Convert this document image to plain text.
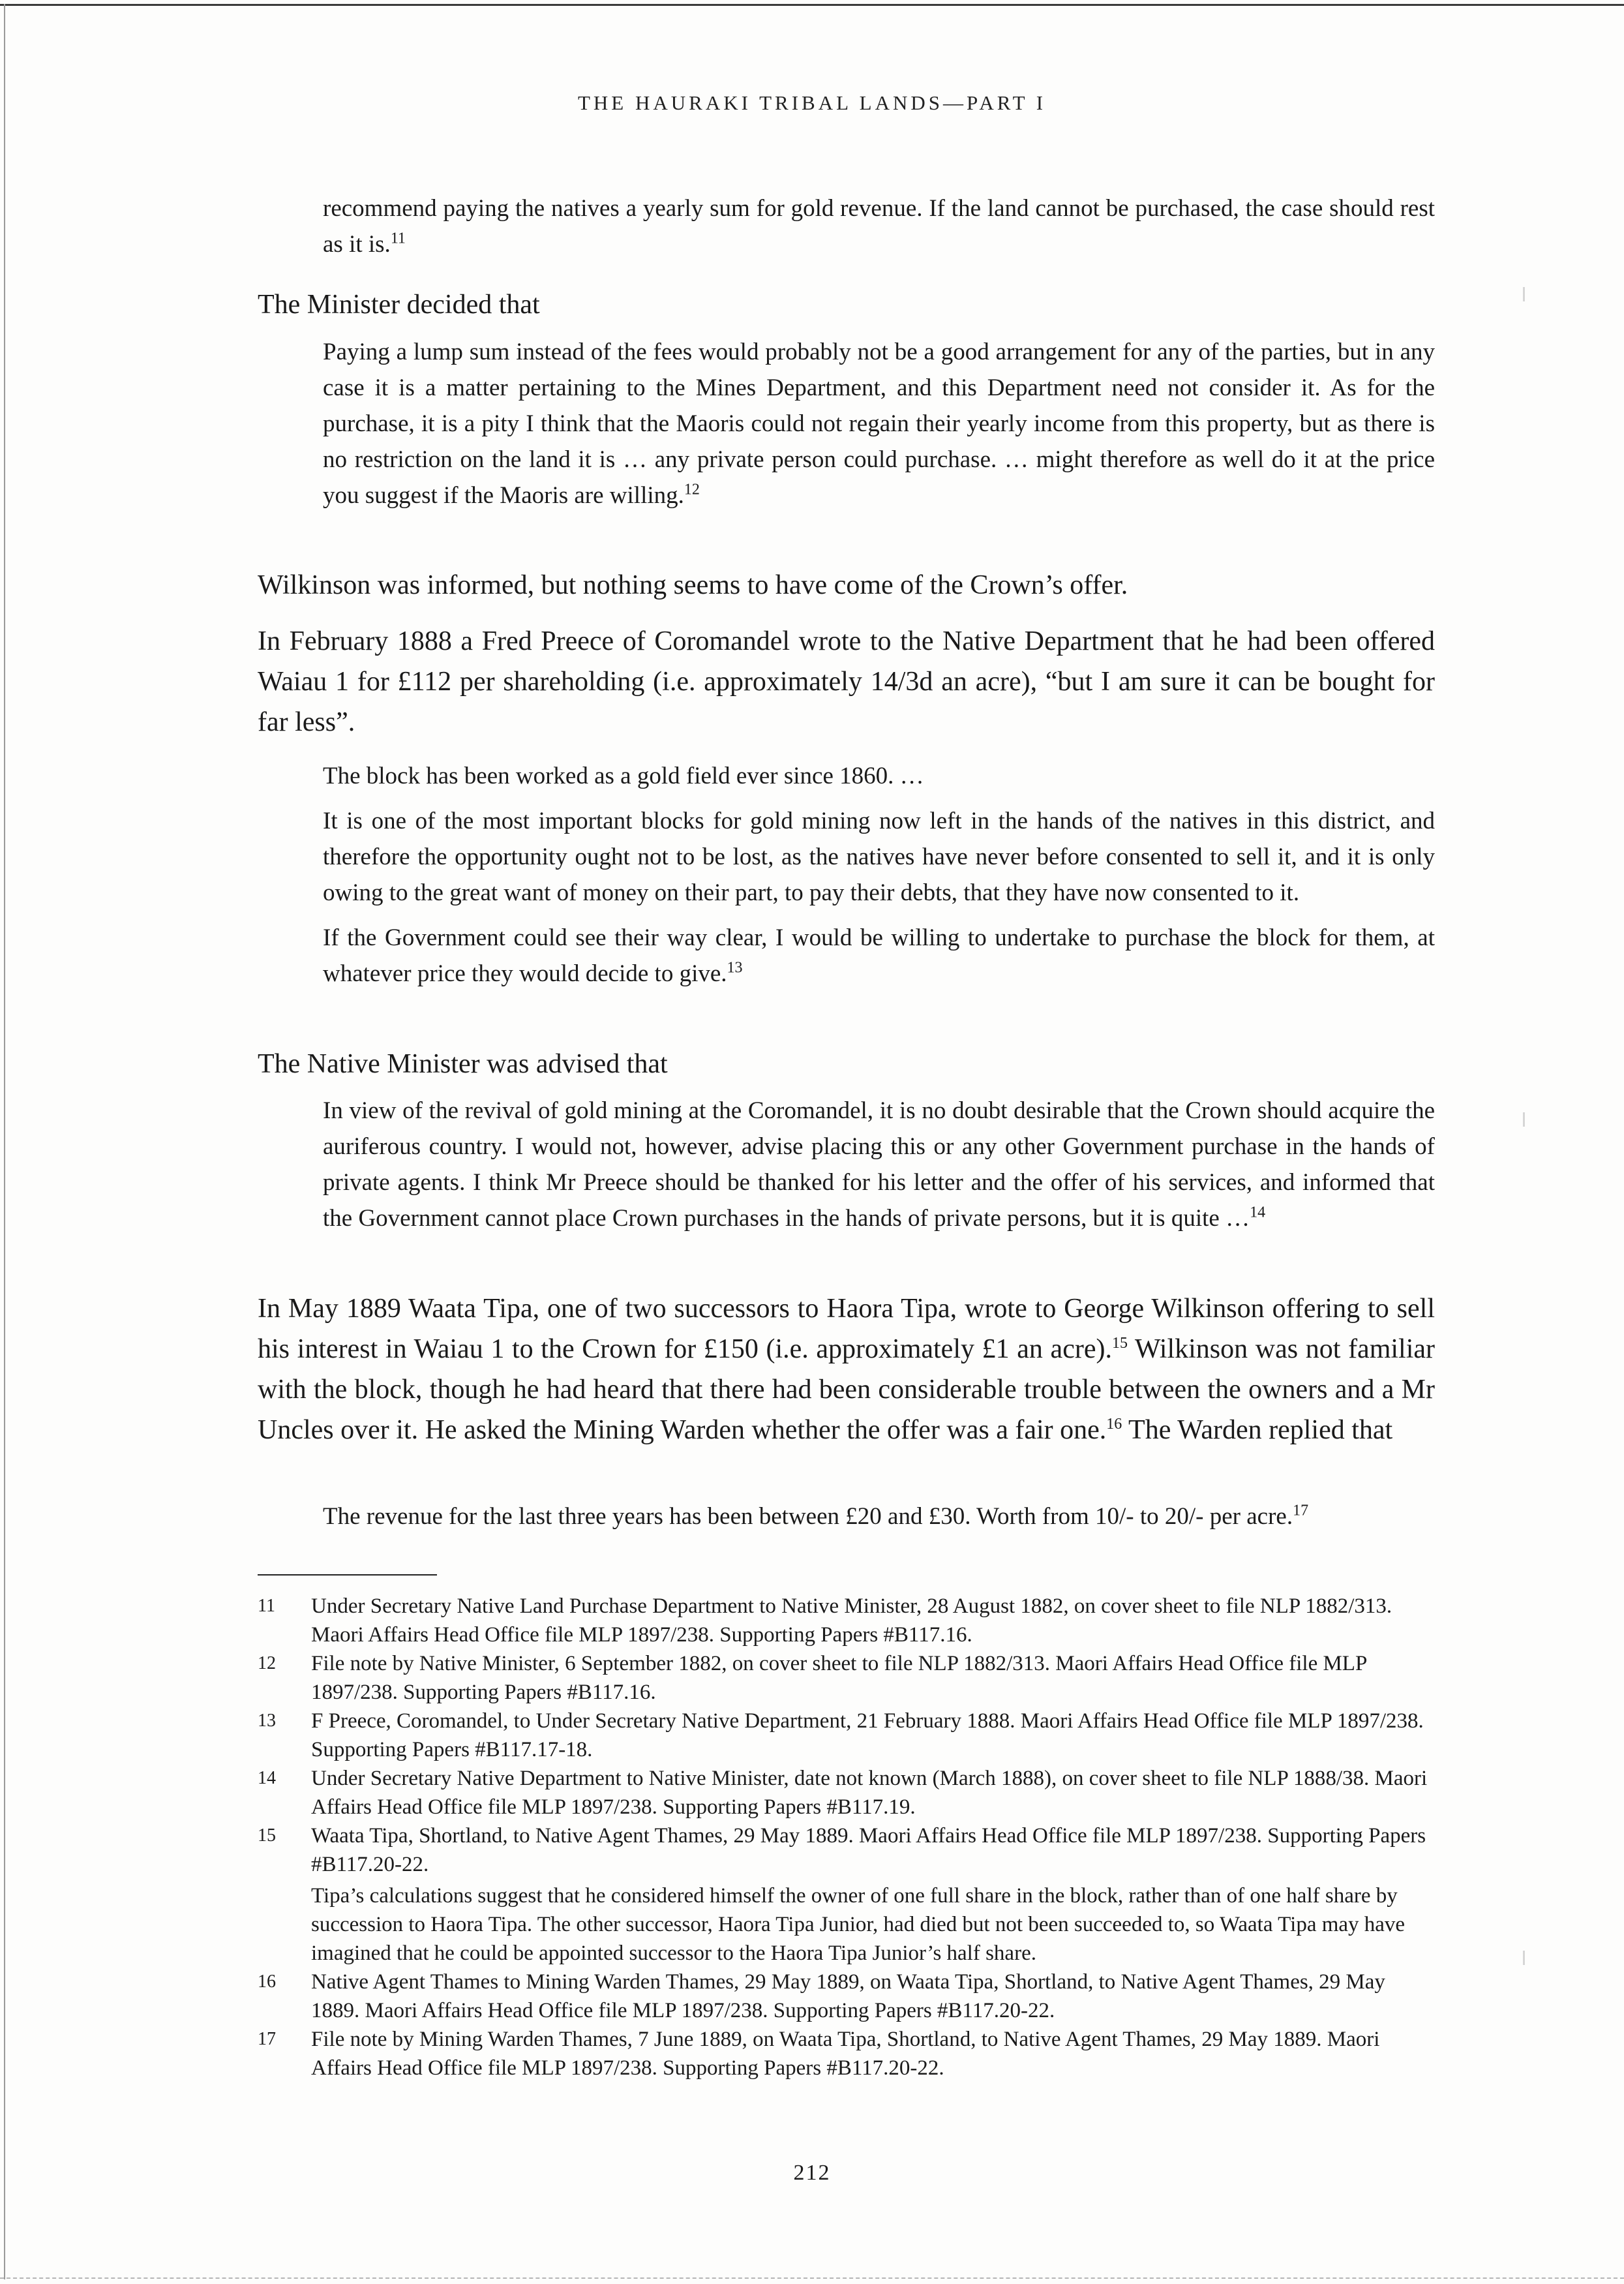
THE HAURAKI TRIBAL LANDS—PART I

recommend paying the natives a yearly sum for gold revenue. If the land cannot be purchased, the case should rest as it is.$^{11}$

The Minister decided that

Paying a lump sum instead of the fees would probably not be a good arrangement for any of the parties, but in any case it is a matter pertaining to the Mines Department, and this Department need not consider it. As for the purchase, it is a pity I think that the Maoris could not regain their yearly income from this property, but as there is no restriction on the land it is … any private person could purchase. … might therefore as well do it at the price you suggest if the Maoris are willing.$^{12}$

Wilkinson was informed, but nothing seems to have come of the Crown’s offer.

In February 1888 a Fred Preece of Coromandel wrote to the Native Department that he had been offered Waiau 1 for £112 per shareholding (i.e. approximately 14/3d an acre), “but I am sure it can be bought for far less”.

The block has been worked as a gold field ever since 1860. …

It is one of the most important blocks for gold mining now left in the hands of the natives in this district, and therefore the opportunity ought not to be lost, as the natives have never before consented to sell it, and it is only owing to the great want of money on their part, to pay their debts, that they have now consented to it.

If the Government could see their way clear, I would be willing to undertake to purchase the block for them, at whatever price they would decide to give.$^{13}$

The Native Minister was advised that

In view of the revival of gold mining at the Coromandel, it is no doubt desirable that the Crown should acquire the auriferous country. I would not, however, advise placing this or any other Government purchase in the hands of private agents. I think Mr Preece should be thanked for his letter and the offer of his services, and informed that the Government cannot place Crown purchases in the hands of private persons, but it is quite …$^{14}$

In May 1889 Waata Tipa, one of two successors to Haora Tipa, wrote to George Wilkinson offering to sell his interest in Waiau 1 to the Crown for £150 (i.e. approximately £1 an acre).$^{15}$ Wilkinson was not familiar with the block, though he had heard that there had been considerable trouble between the owners and a Mr Uncles over it. He asked the Mining Warden whether the offer was a fair one.$^{16}$ The Warden replied that

The revenue for the last three years has been between £20 and £30. Worth from 10/- to 20/- per acre.$^{17}$

11 Under Secretary Native Land Purchase Department to Native Minister, 28 August 1882, on cover sheet to file NLP 1882/313. Maori Affairs Head Office file MLP 1897/238. Supporting Papers #B117.16.
12 File note by Native Minister, 6 September 1882, on cover sheet to file NLP 1882/313. Maori Affairs Head Office file MLP 1897/238. Supporting Papers #B117.16.
13 F Preece, Coromandel, to Under Secretary Native Department, 21 February 1888. Maori Affairs Head Office file MLP 1897/238. Supporting Papers #B117.17-18.
14 Under Secretary Native Department to Native Minister, date not known (March 1888), on cover sheet to file NLP 1888/38. Maori Affairs Head Office file MLP 1897/238. Supporting Papers #B117.19.
15 Waata Tipa, Shortland, to Native Agent Thames, 29 May 1889. Maori Affairs Head Office file MLP 1897/238. Supporting Papers #B117.20-22.
Tipa’s calculations suggest that he considered himself the owner of one full share in the block, rather than of one half share by succession to Haora Tipa. The other successor, Haora Tipa Junior, had died but not been succeeded to, so Waata Tipa may have imagined that he could be appointed successor to the Haora Tipa Junior’s half share.
16 Native Agent Thames to Mining Warden Thames, 29 May 1889, on Waata Tipa, Shortland, to Native Agent Thames, 29 May 1889. Maori Affairs Head Office file MLP 1897/238. Supporting Papers #B117.20-22.
17 File note by Mining Warden Thames, 7 June 1889, on Waata Tipa, Shortland, to Native Agent Thames, 29 May 1889. Maori Affairs Head Office file MLP 1897/238. Supporting Papers #B117.20-22.
212
